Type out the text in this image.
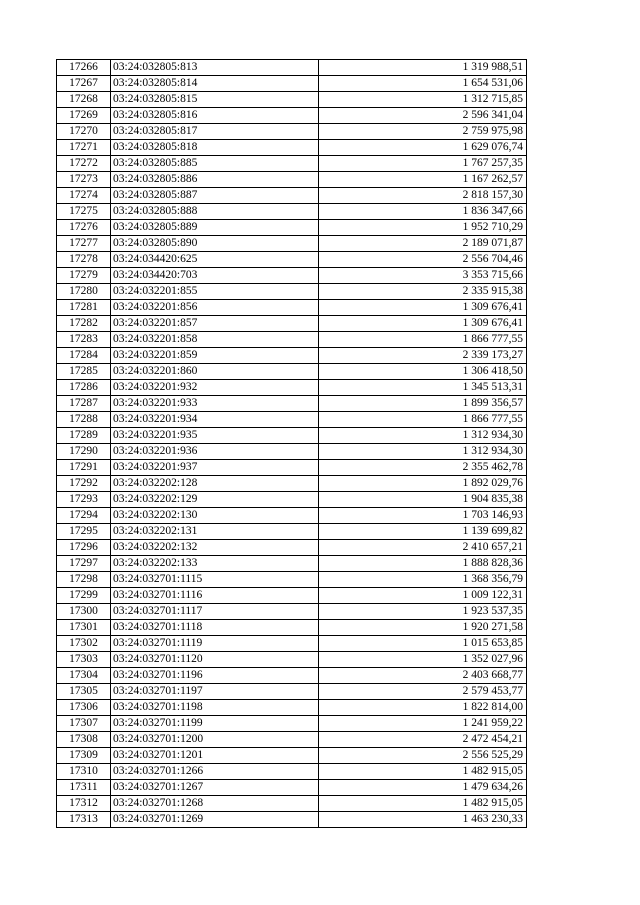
17266	03:24:032805:813	1 319 988,51
17267	03:24:032805:814	1 654 531,06
17268	03:24:032805:815	1 312 715,85
17269	03:24:032805:816	2 596 341,04
17270	03:24:032805:817	2 759 975,98
17271	03:24:032805:818	1 629 076,74
17272	03:24:032805:885	1 767 257,35
17273	03:24:032805:886	1 167 262,57
17274	03:24:032805:887	2 818 157,30
17275	03:24:032805:888	1 836 347,66
17276	03:24:032805:889	1 952 710,29
17277	03:24:032805:890	2 189 071,87
17278	03:24:034420:625	2 556 704,46
17279	03:24:034420:703	3 353 715,66
17280	03:24:032201:855	2 335 915,38
17281	03:24:032201:856	1 309 676,41
17282	03:24:032201:857	1 309 676,41
17283	03:24:032201:858	1 866 777,55
17284	03:24:032201:859	2 339 173,27
17285	03:24:032201:860	1 306 418,50
17286	03:24:032201:932	1 345 513,31
17287	03:24:032201:933	1 899 356,57
17288	03:24:032201:934	1 866 777,55
17289	03:24:032201:935	1 312 934,30
17290	03:24:032201:936	1 312 934,30
17291	03:24:032201:937	2 355 462,78
17292	03:24:032202:128	1 892 029,76
17293	03:24:032202:129	1 904 835,38
17294	03:24:032202:130	1 703 146,93
17295	03:24:032202:131	1 139 699,82
17296	03:24:032202:132	2 410 657,21
17297	03:24:032202:133	1 888 828,36
17298	03:24:032701:1115	1 368 356,79
17299	03:24:032701:1116	1 009 122,31
17300	03:24:032701:1117	1 923 537,35
17301	03:24:032701:1118	1 920 271,58
17302	03:24:032701:1119	1 015 653,85
17303	03:24:032701:1120	1 352 027,96
17304	03:24:032701:1196	2 403 668,77
17305	03:24:032701:1197	2 579 453,77
17306	03:24:032701:1198	1 822 814,00
17307	03:24:032701:1199	1 241 959,22
17308	03:24:032701:1200	2 472 454,21
17309	03:24:032701:1201	2 556 525,29
17310	03:24:032701:1266	1 482 915,05
17311	03:24:032701:1267	1 479 634,26
17312	03:24:032701:1268	1 482 915,05
17313	03:24:032701:1269	1 463 230,33
